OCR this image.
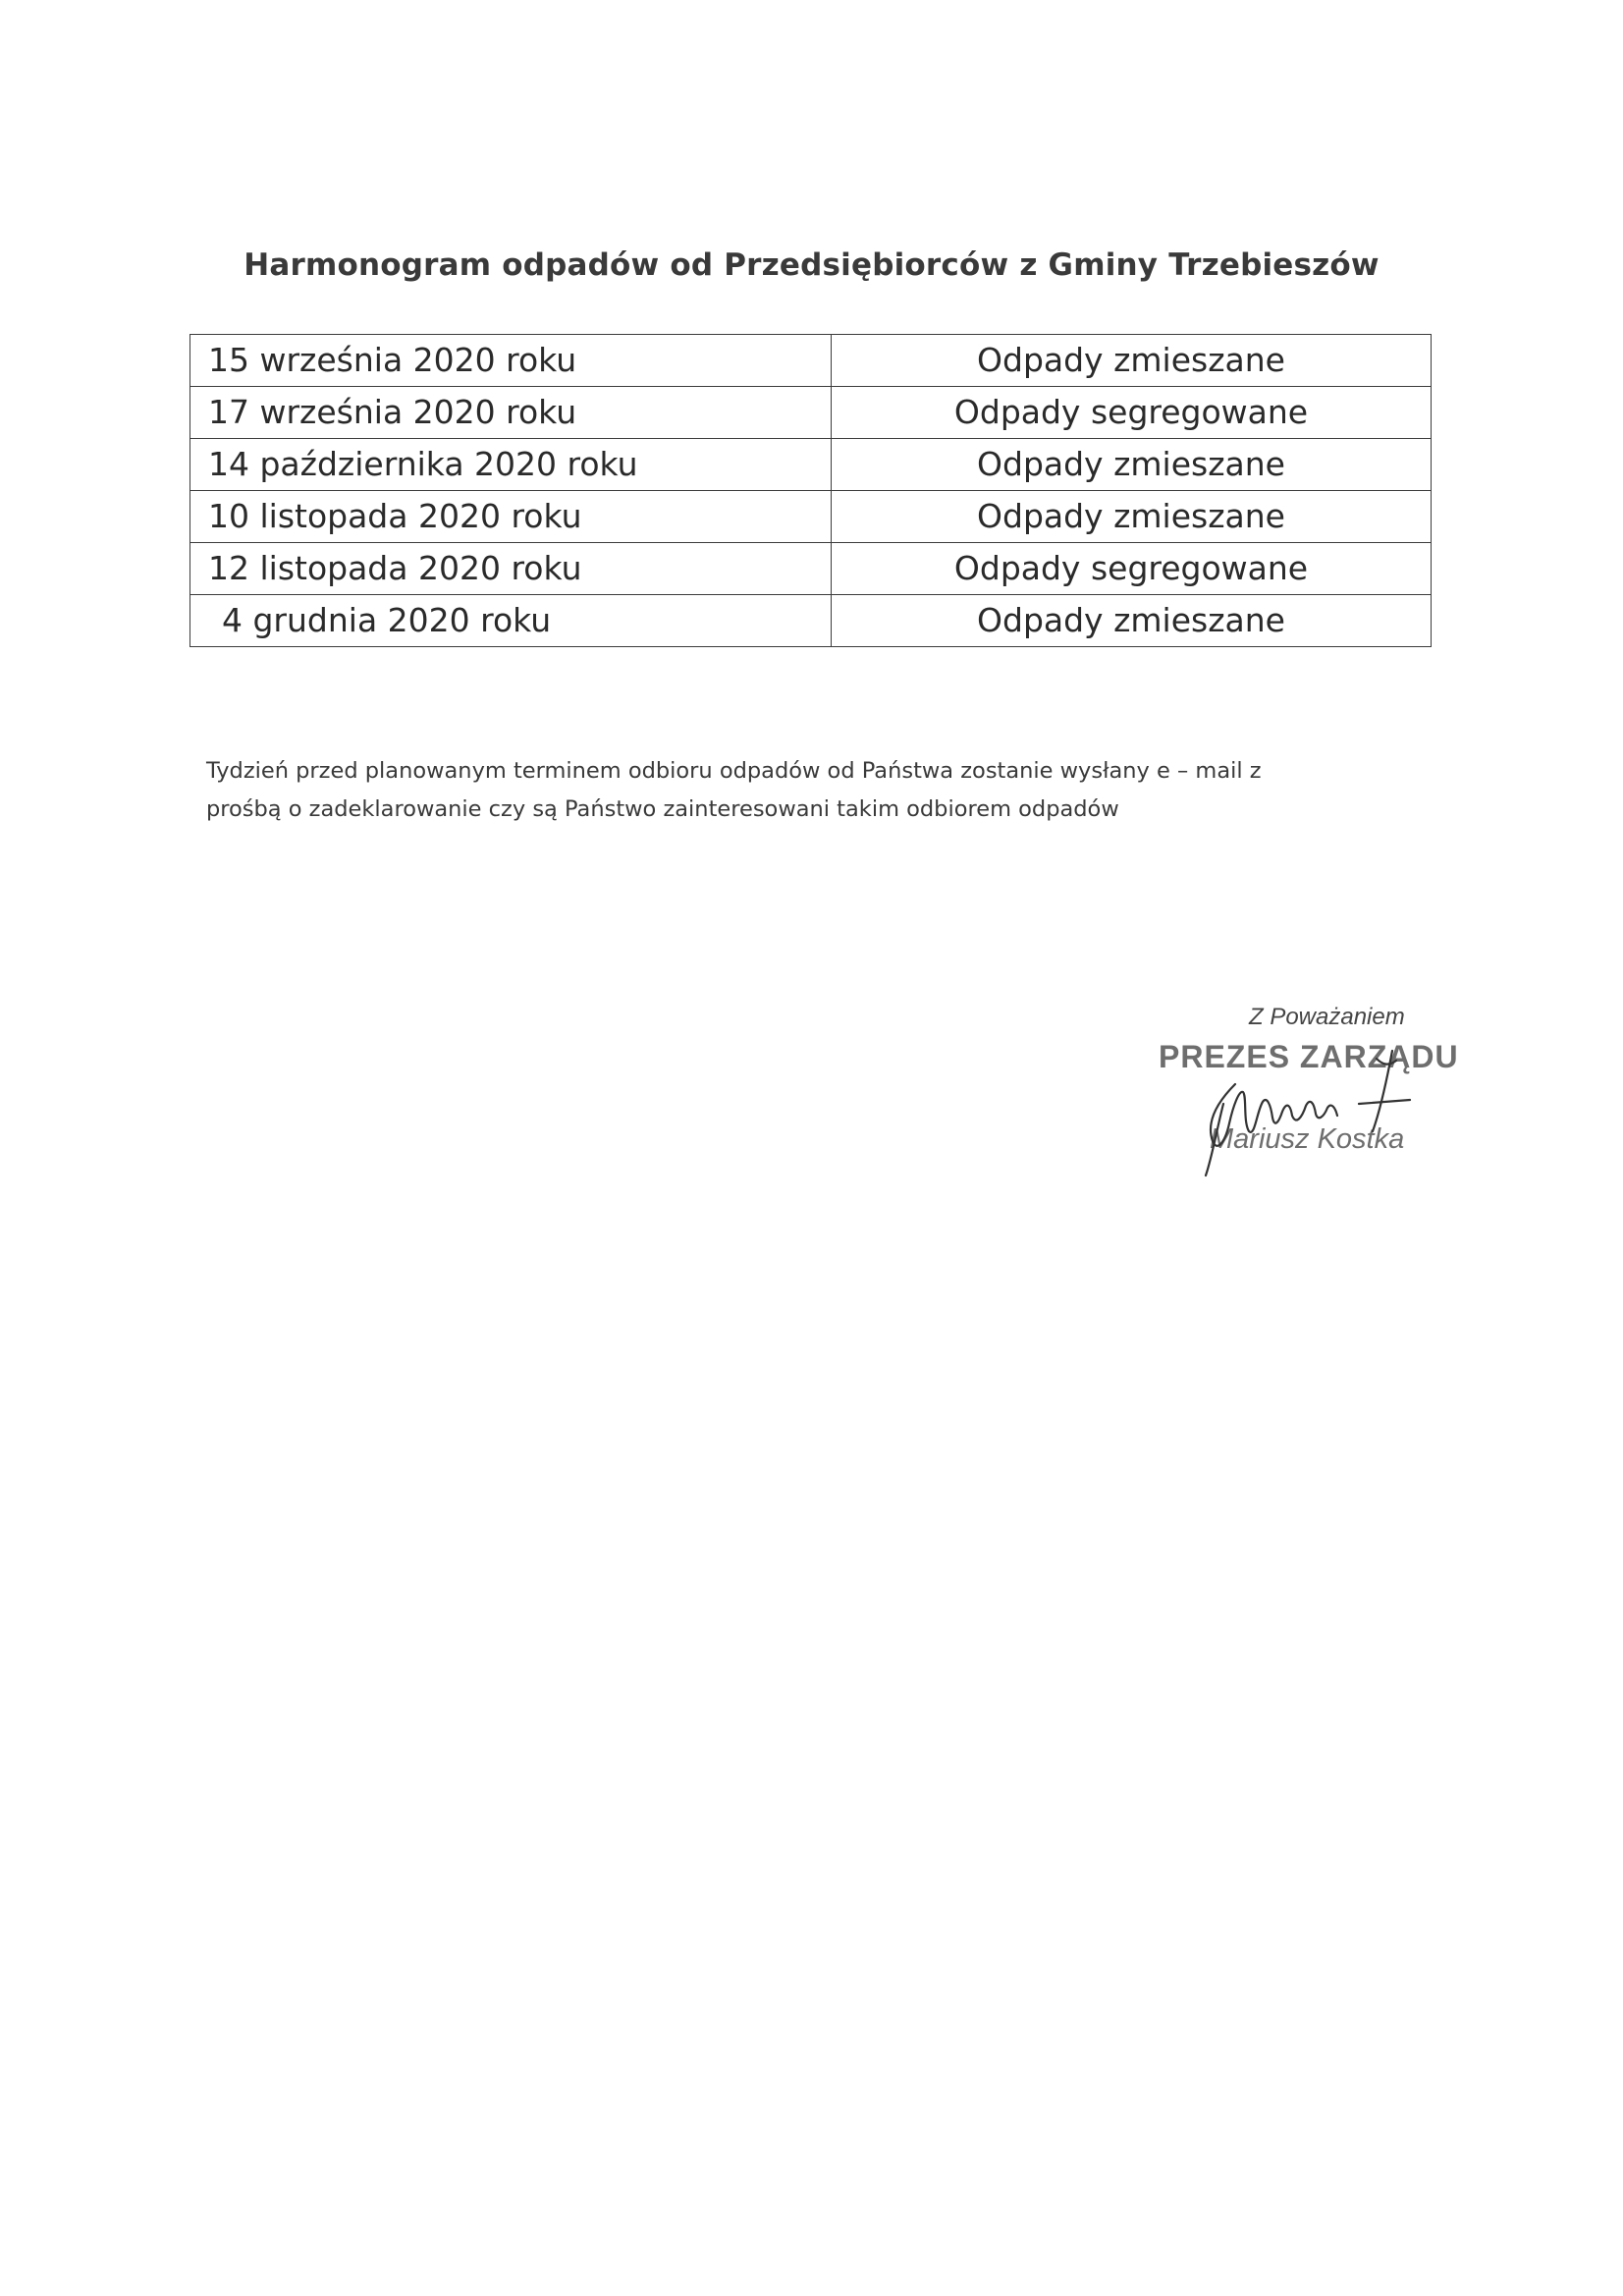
Harmonogram odpadów od Przedsiębiorców z Gminy Trzebieszów
15 września 2020 roku	Odpady zmieszane
17 września 2020 roku	Odpady segregowane
14 października 2020 roku	Odpady zmieszane
10 listopada 2020 roku	Odpady zmieszane
12 listopada 2020 roku	Odpady segregowane
4 grudnia 2020 roku	Odpady zmieszane

Tydzień przed planowanym terminem odbioru odpadów od Państwa zostanie wysłany e – mail z

prośbą o zadeklarowanie czy są Państwo zainteresowani takim odbiorem odpadów

Z Poważaniem
PREZES ZARZĄDU
Mariusz Kostka
